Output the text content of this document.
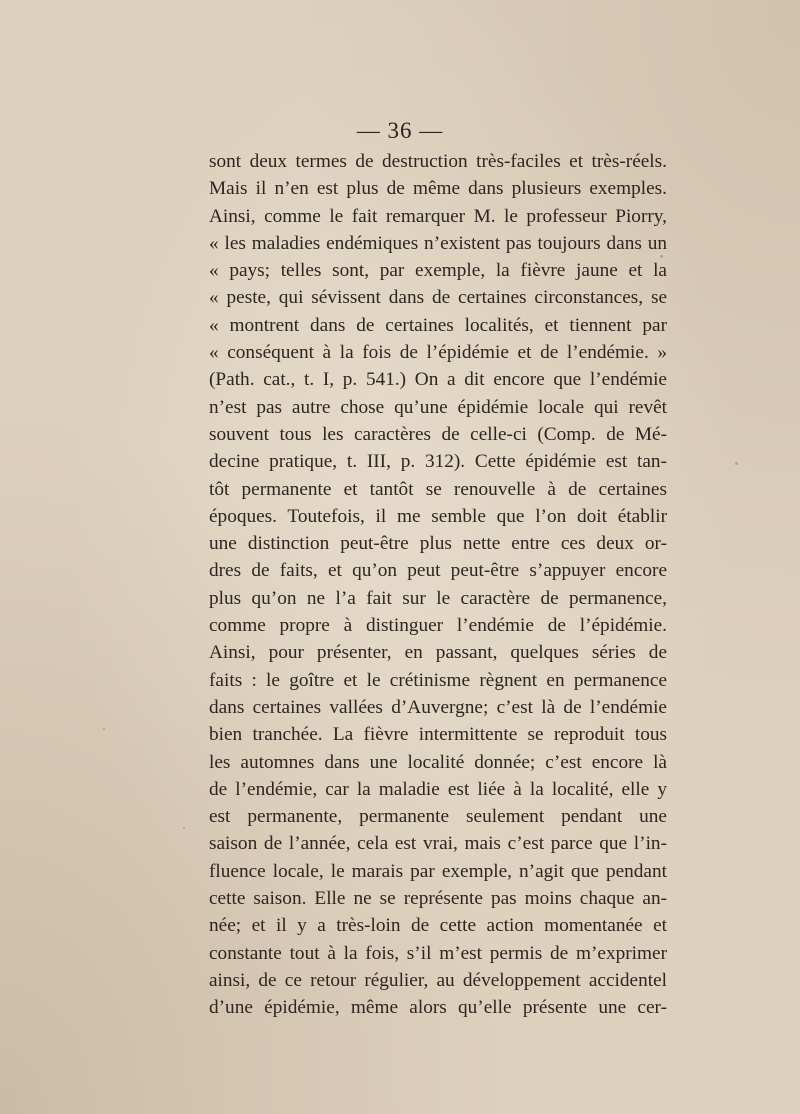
— 36 —
sont deux termes de destruction très-faciles et très-réels.
Mais il n’en est plus de même dans plusieurs exemples.
Ainsi, comme le fait remarquer M. le professeur Piorry,
« les maladies endémiques n’existent pas toujours dans un
« pays; telles sont, par exemple, la fièvre jaune et la
« peste, qui sévissent dans de certaines circonstances, se
« montrent dans de certaines localités, et tiennent par
« conséquent à la fois de l’épidémie et de l’endémie. »
(Path. cat., t. I, p. 541.) On a dit encore que l’endémie
n’est pas autre chose qu’une épidémie locale qui revêt
souvent tous les caractères de celle-ci (Comp. de Mé-
decine pratique, t. III, p. 312). Cette épidémie est tan-
tôt permanente et tantôt se renouvelle à de certaines
époques. Toutefois, il me semble que l’on doit établir
une distinction peut-être plus nette entre ces deux or-
dres de faits, et qu’on peut peut-être s’appuyer encore
plus qu’on ne l’a fait sur le caractère de permanence,
comme propre à distinguer l’endémie de l’épidémie.
Ainsi, pour présenter, en passant, quelques séries de
faits : le goître et le crétinisme règnent en permanence
dans certaines vallées d’Auvergne; c’est là de l’endémie
bien tranchée. La fièvre intermittente se reproduit tous
les automnes dans une localité donnée; c’est encore là
de l’endémie, car la maladie est liée à la localité, elle y
est permanente, permanente seulement pendant une
saison de l’année, cela est vrai, mais c’est parce que l’in-
fluence locale, le marais par exemple, n’agit que pendant
cette saison. Elle ne se représente pas moins chaque an-
née; et il y a très-loin de cette action momentanée et
constante tout à la fois, s’il m’est permis de m’exprimer
ainsi, de ce retour régulier, au développement accidentel
d’une épidémie, même alors qu’elle présente une cer-
